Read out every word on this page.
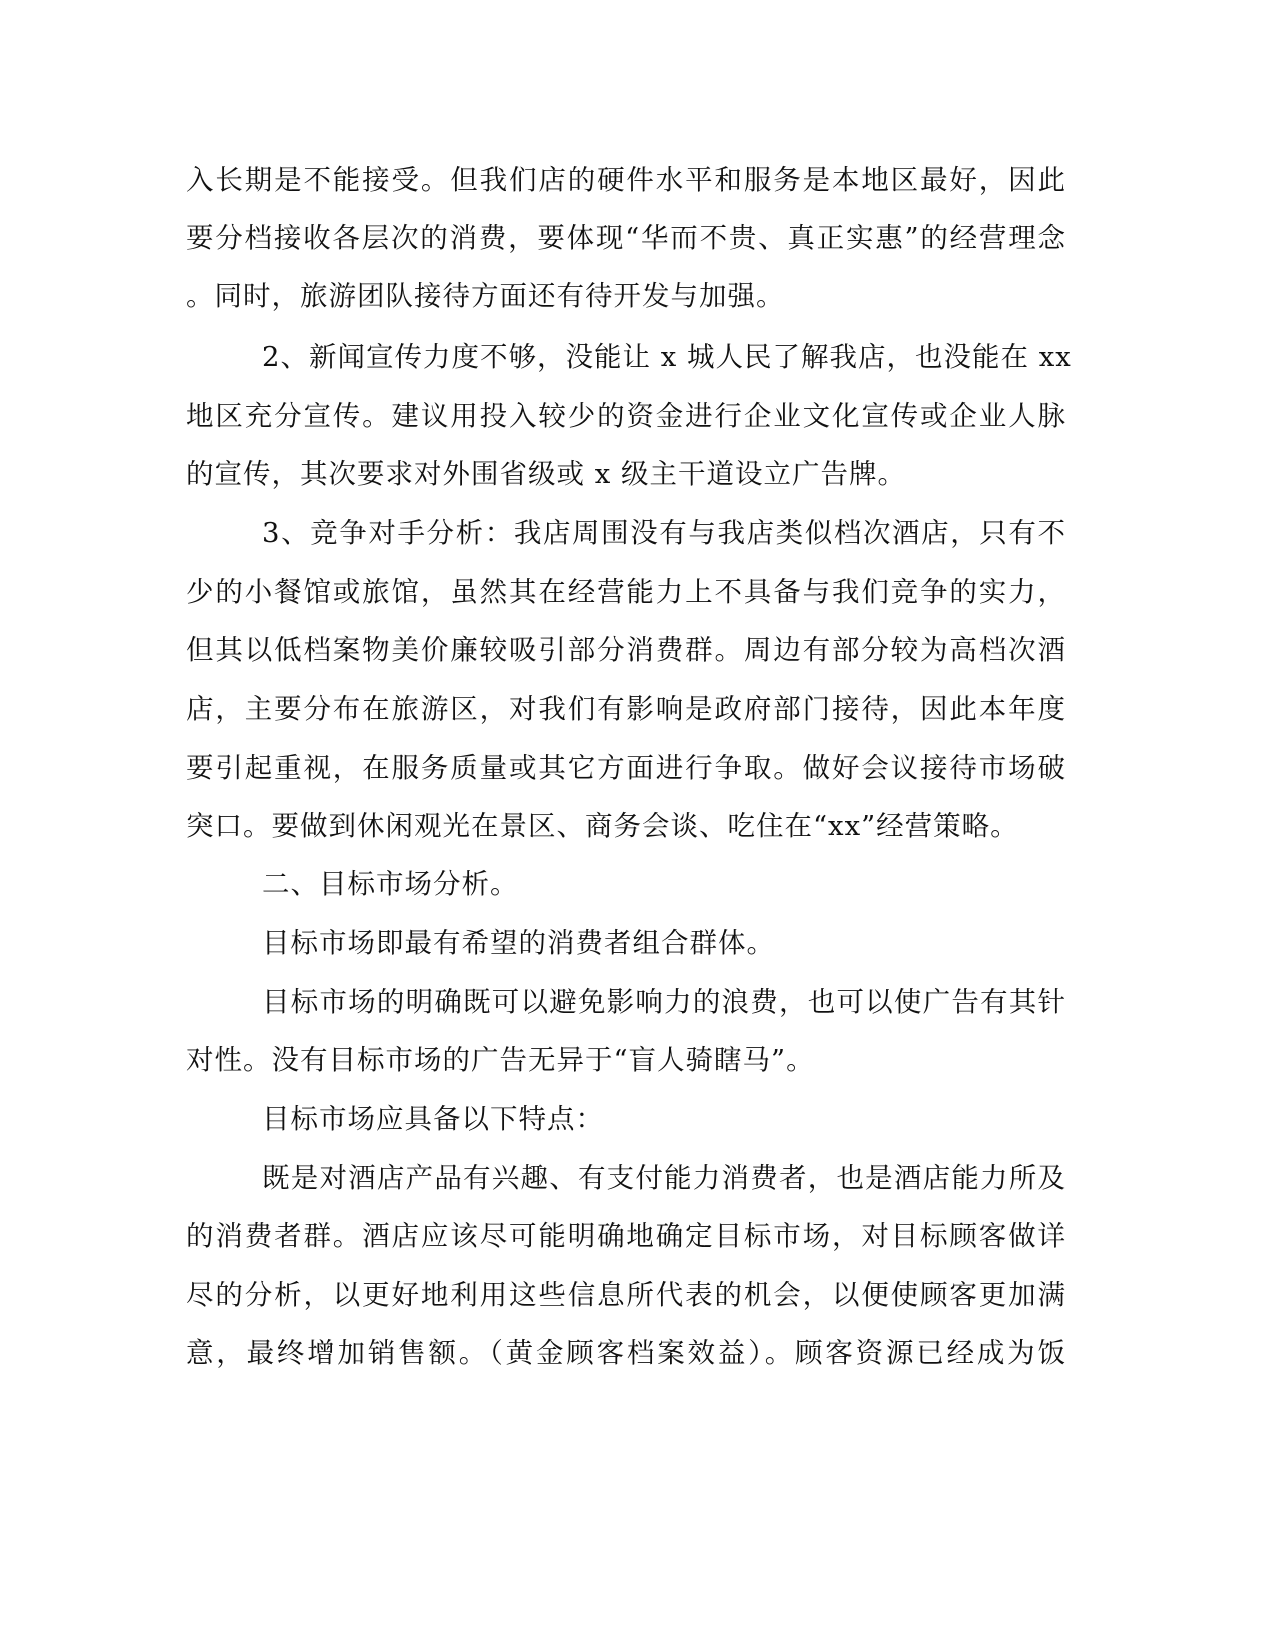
入长期是不能接受。但我们店的硬件水平和服务是本地区最好，因此
要分档接收各层次的消费，要体现“华而不贵、真正实惠”的经营理念
。同时，旅游团队接待方面还有待开发与加强。
2、新闻宣传力度不够，没能让 x 城人民了解我店，也没能在 xx
地区充分宣传。建议用投入较少的资金进行企业文化宣传或企业人脉
的宣传，其次要求对外围省级或 x 级主干道设立广告牌。
3、竞争对手分析：我店周围没有与我店类似档次酒店，只有不
少的小餐馆或旅馆，虽然其在经营能力上不具备与我们竞争的实力，
但其以低档案物美价廉较吸引部分消费群。周边有部分较为高档次酒
店，主要分布在旅游区，对我们有影响是政府部门接待，因此本年度
要引起重视，在服务质量或其它方面进行争取。做好会议接待市场破
突口。要做到休闲观光在景区、商务会谈、吃住在“xx”经营策略。
二、目标市场分析。
目标市场即最有希望的消费者组合群体。
目标市场的明确既可以避免影响力的浪费，也可以使广告有其针
对性。没有目标市场的广告无异于“盲人骑瞎马”。
目标市场应具备以下特点：
既是对酒店产品有兴趣、有支付能力消费者，也是酒店能力所及
的消费者群。酒店应该尽可能明确地确定目标市场，对目标顾客做详
尽的分析，以更好地利用这些信息所代表的机会，以便使顾客更加满
意，最终增加销售额。（黄金顾客档案效益）。顾客资源已经成为饭
